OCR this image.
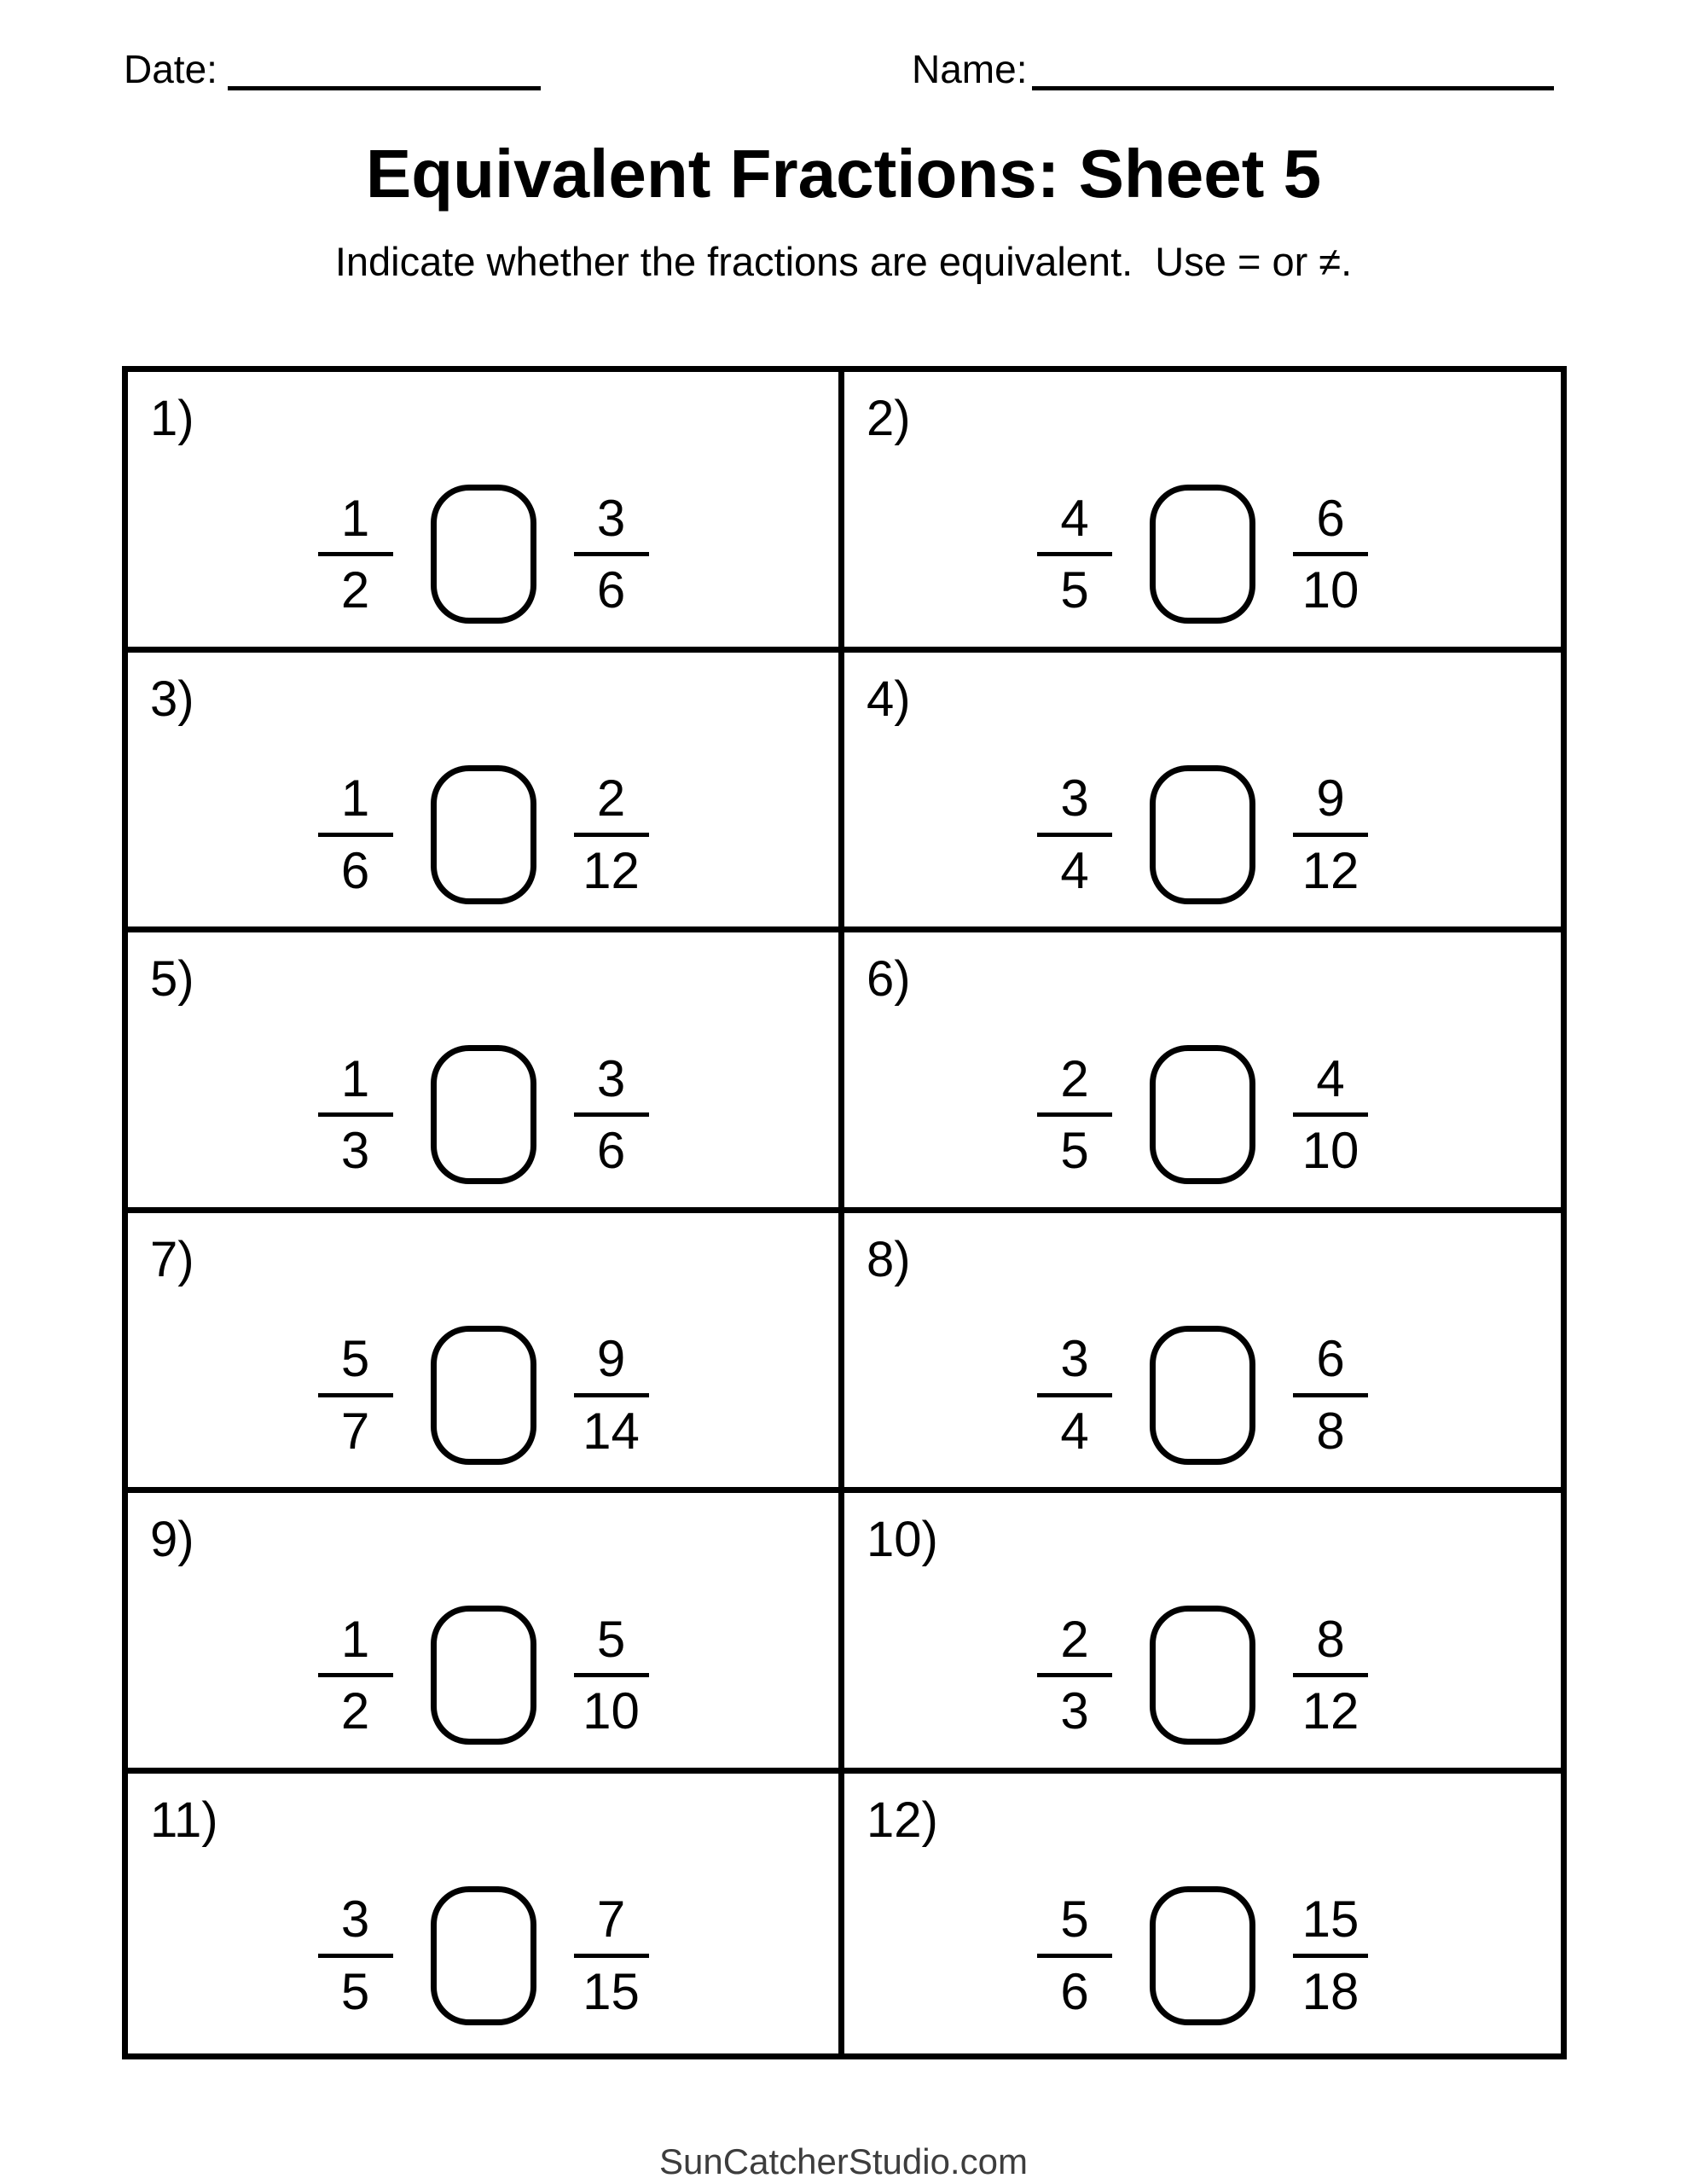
Date:	Name:
Equivalent Fractions: Sheet 5
Indicate whether the fractions are equivalent.  Use = or ≠.
1)
1
2
3
6
2)
4
5
6
10
3)
1
6
2
12
4)
3
4
9
12
5)
1
3
3
6
6)
2
5
4
10
7)
5
7
9
14
8)
3
4
6
8
9)
1
2
5
10
10)
2
3
8
12
11)
3
5
7
15
12)
5
6
15
18
SunCatcherStudio.com
